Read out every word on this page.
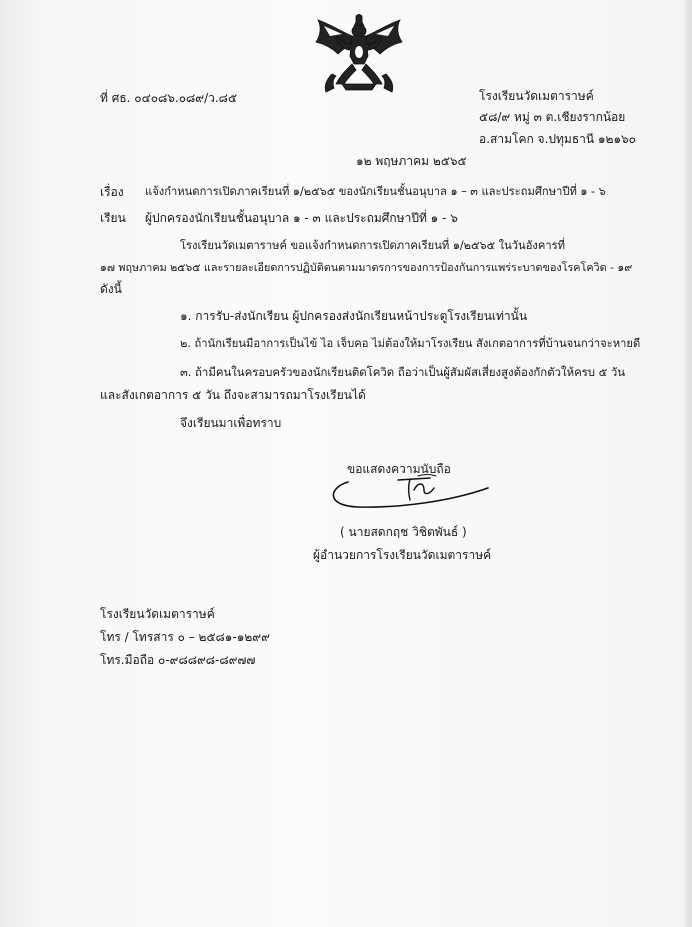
ที่ ศธ. ๐๔๐๘๖.๐๘๙/ว.๘๕	โรงเรียนวัดเมตาราษค์
๕๘/๙ หมู่ ๓ ต.เชียงรากน้อย
อ.สามโคก จ.ปทุมธานี ๑๒๑๖๐
๑๒ พฤษภาคม ๒๕๖๕
เรื่อง แจ้งกำหนดการเปิดภาคเรียนที่ ๑/๒๕๖๕ ของนักเรียนชั้นอนุบาล ๑ – ๓ และประถมศึกษาปีที่ ๑ - ๖
เรียน ผู้ปกครองนักเรียนชั้นอนุบาล ๑ - ๓ และประถมศึกษาปีที่ ๑ - ๖
โรงเรียนวัดเมตาราษค์ ขอแจ้งกำหนดการเปิดภาคเรียนที่ ๑/๒๕๖๕ ในวันอังคารที่
๑๗ พฤษภาคม ๒๕๖๕ และรายละเอียดการปฏิบัติตนตามมาตรการของการป้องกันการแพร่ระบาดของโรคโควิด - ๑๙
ดังนี้
๑. การรับ-ส่งนักเรียน ผู้ปกครองส่งนักเรียนหน้าประตูโรงเรียนเท่านั้น
๒. ถ้านักเรียนมีอาการเป็นไข้ ไอ เจ็บคอ ไม่ต้องให้มาโรงเรียน สังเกตอาการที่บ้านจนกว่าจะหายดี
๓. ถ้ามีคนในครอบครัวของนักเรียนติดโควิด ถือว่าเป็นผู้สัมผัสเสี่ยงสูงต้องกักตัวให้ครบ ๕ วัน
และสังเกตอาการ ๕ วัน ถึงจะสามารถมาโรงเรียนได้
จึงเรียนมาเพื่อทราบ
ขอแสดงความนับถือ
( นายสดกฤช วิชิตพันธ์ )
ผู้อำนวยการโรงเรียนวัดเมตาราษค์
โรงเรียนวัดเมตาราษค์
โทร / โทรสาร ๐ – ๒๕๘๑-๑๒๙๙
โทร.มือถือ ๐-๙๘๘๙๘-๘๙๗๗
